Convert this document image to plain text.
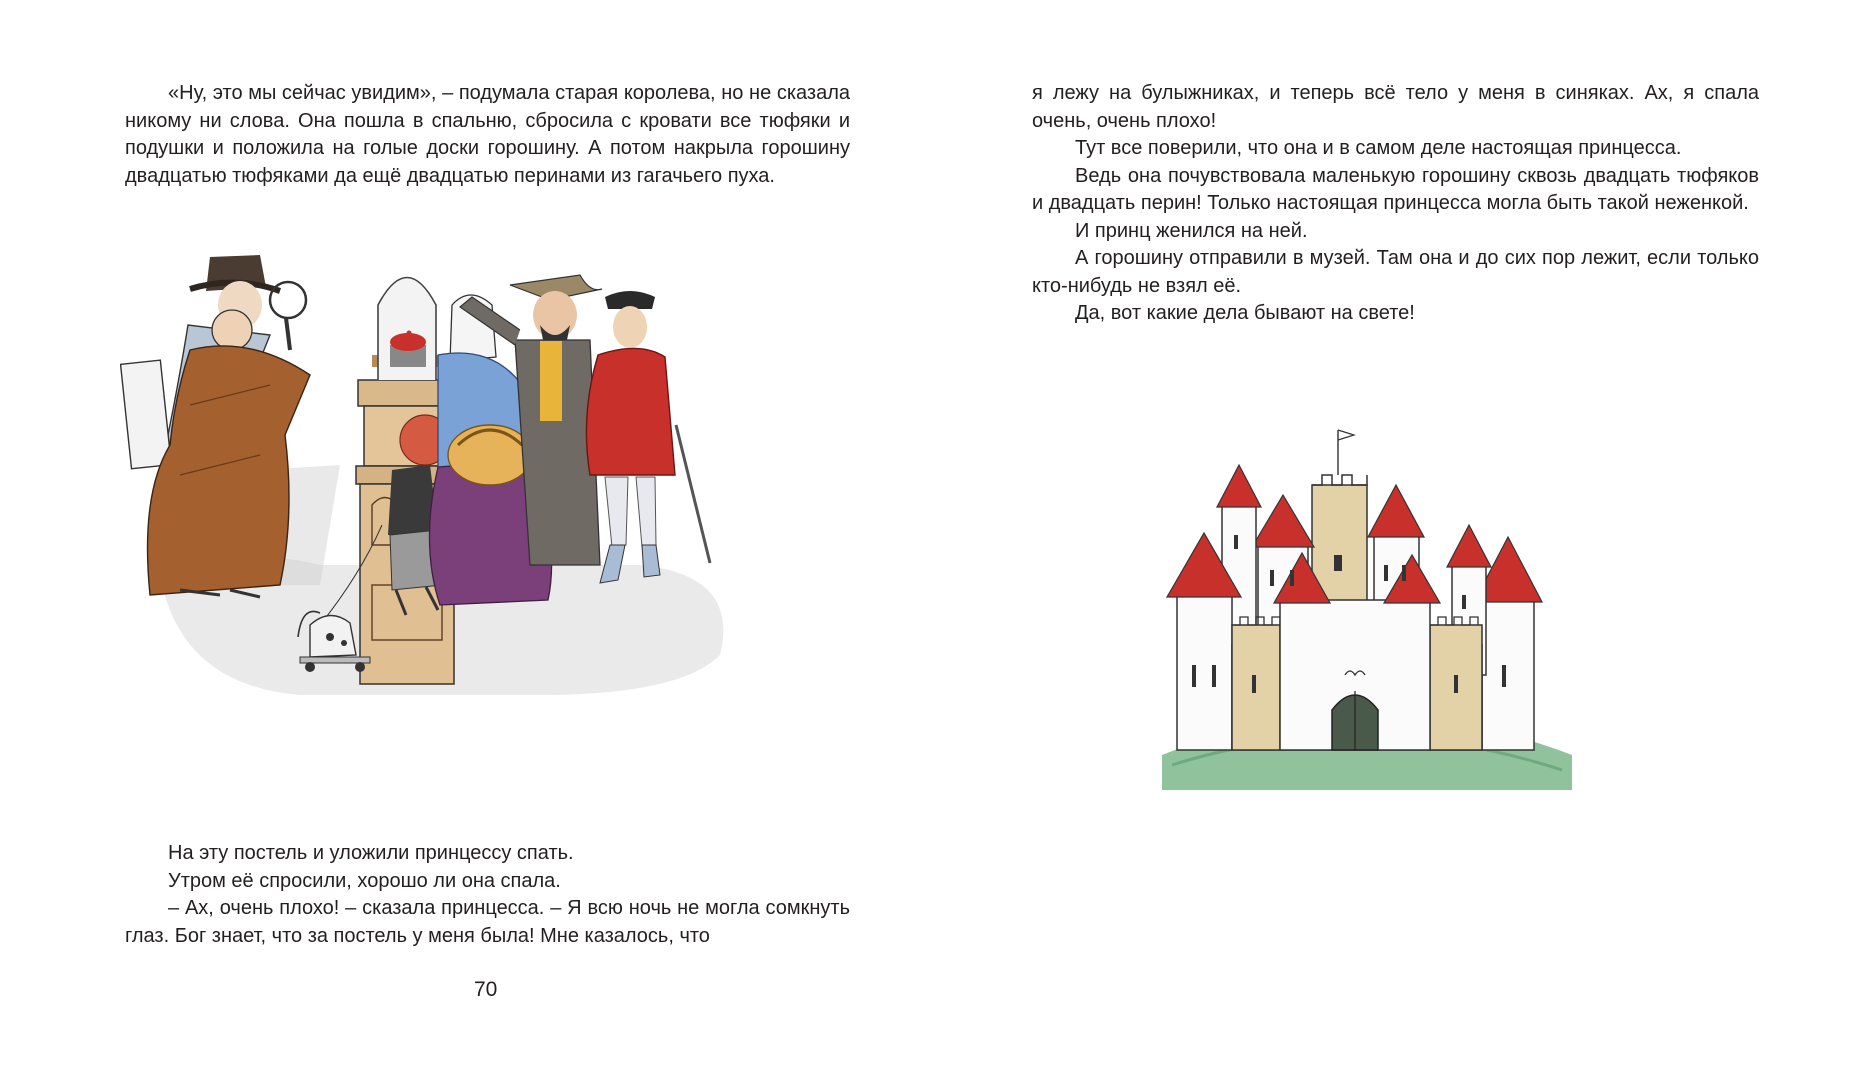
«Ну, это мы сейчас увидим», – подумала старая королева, но не сказала никому ни слова. Она пошла в спальню, сбросила с кровати все тюфяки и подушки и положила на голые доски горошину. А потом накрыла горошину двадцатью тюфяками да ещё двадцатью перинами из гагачьего пуха.

На эту постель и уложили принцессу спать.

Утром её спросили, хорошо ли она спала.

– Ах, очень плохо! – сказала принцесса. – Я всю ночь не могла сомкнуть глаз. Бог знает, что за постель у меня была! Мне казалось, что

70

я лежу на булыжниках, и теперь всё тело у меня в синяках. Ах, я спала очень, очень плохо!

Тут все поверили, что она и в самом деле настоящая принцесса.

Ведь она почувствовала маленькую горошину сквозь двадцать тюфяков и двадцать перин! Только настоящая принцесса могла быть такой неженкой.

И принц женился на ней.

А горошину отправили в музей. Там она и до сих пор лежит, если только кто-нибудь не взял её.

Да, вот какие дела бывают на свете!
